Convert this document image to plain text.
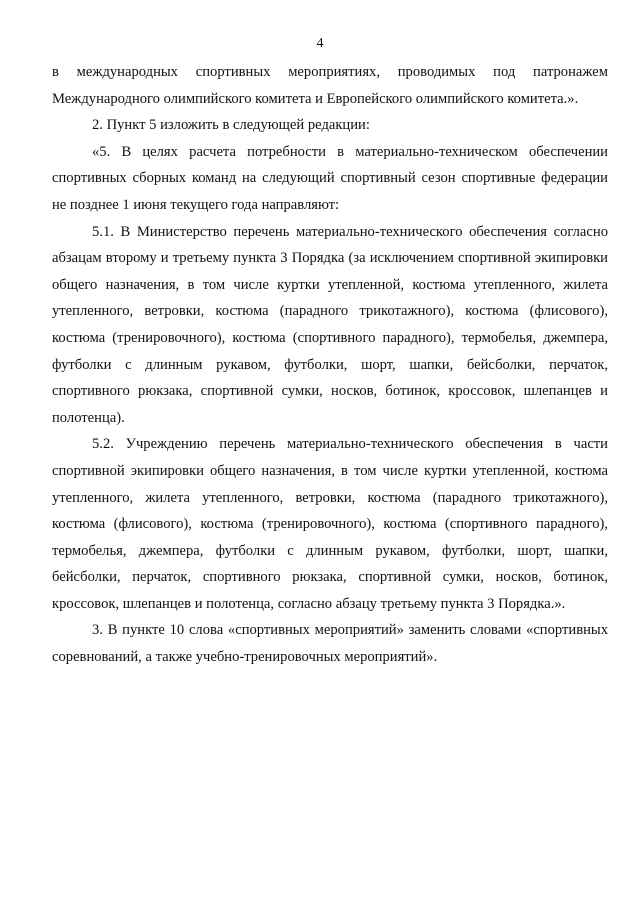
4

в международных спортивных мероприятиях, проводимых под патронажем Международного олимпийского комитета и Европейского олимпийского комитета.».

2. Пункт 5 изложить в следующей редакции:

«5. В целях расчета потребности в материально-техническом обеспечении спортивных сборных команд на следующий спортивный сезон спортивные федерации не позднее 1 июня текущего года направляют:

5.1. В Министерство перечень материально-технического обеспечения согласно абзацам второму и третьему пункта 3 Порядка (за исключением спортивной экипировки общего назначения, в том числе куртки утепленной, костюма утепленного, жилета утепленного, ветровки, костюма (парадного трикотажного), костюма (флисового), костюма (тренировочного), костюма (спортивного парадного), термобелья, джемпера, футболки с длинным рукавом, футболки, шорт, шапки, бейсболки, перчаток, спортивного рюкзака, спортивной сумки, носков, ботинок, кроссовок, шлепанцев и полотенца).

5.2. Учреждению перечень материально-технического обеспечения в части спортивной экипировки общего назначения, в том числе куртки утепленной, костюма утепленного, жилета утепленного, ветровки, костюма (парадного трикотажного), костюма (флисового), костюма (тренировочного), костюма (спортивного парадного), термобелья, джемпера, футболки с длинным рукавом, футболки, шорт, шапки, бейсболки, перчаток, спортивного рюкзака, спортивной сумки, носков, ботинок, кроссовок, шлепанцев и полотенца, согласно абзацу третьему пункта 3 Порядка.».

3. В пункте 10 слова «спортивных мероприятий» заменить словами «спортивных соревнований, а также учебно-тренировочных мероприятий».
